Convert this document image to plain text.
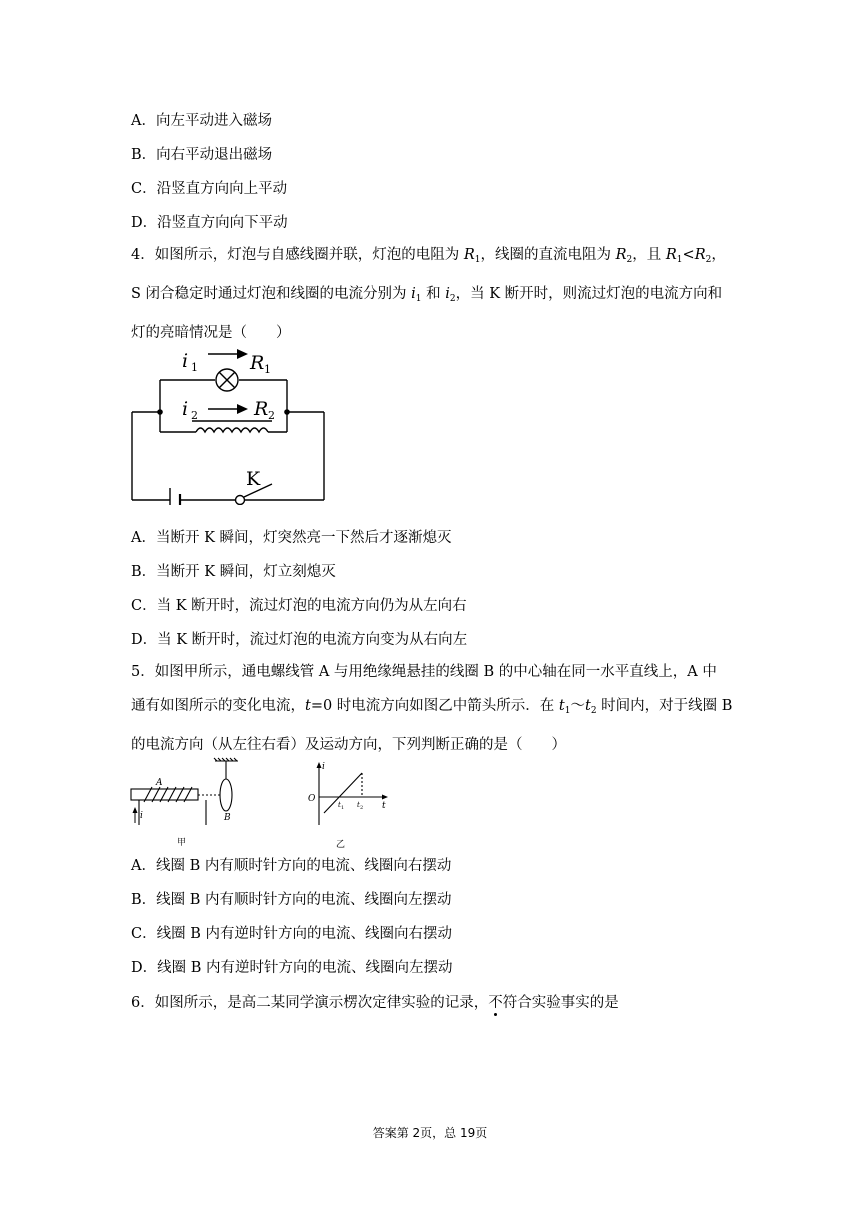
A．向左平动进入磁场
B．向右平动退出磁场
C．沿竖直方向向上平动
D．沿竖直方向向下平动
4．如图所示，灯泡与自感线圈并联，灯泡的电阻为 $R_1$，线圈的直流电阻为 $R_2$，且 $R_1<R_2$，
S 闭合稳定时通过灯泡和线圈的电流分别为 $i_1$ 和 $i_2$，当 K 断开时，则流过灯泡的电流方向和
灯的亮暗情况是（　　）
i 1	R 1
i 2	R 2
K
A．当断开 K 瞬间，灯突然亮一下然后才逐渐熄灭
B．当断开 K 瞬间，灯立刻熄灭
C．当 K 断开时，流过灯泡的电流方向仍为从左向右
D．当 K 断开时，流过灯泡的电流方向变为从右向左
5．如图甲所示，通电螺线管 A 与用绝缘绳悬挂的线圈 B 的中心轴在同一水平直线上，A 中
通有如图所示的变化电流，t=0 时电流方向如图乙中箭头所示．在 $t_1\sim t_2$ 时间内，对于线圈 B
的电流方向（从左往右看）及运动方向，下列判断正确的是（　　）
A
B
i
甲
i
O
t 1 t 2 t
乙
A．线圈 B 内有顺时针方向的电流、线圈向右摆动
B．线圈 B 内有顺时针方向的电流、线圈向左摆动
C．线圈 B 内有逆时针方向的电流、线圈向右摆动
D．线圈 B 内有逆时针方向的电流、线圈向左摆动
6．如图所示，是高二某同学演示楞次定律实验的记录，不符合实验事实的是
答案第 2页，总 19页
